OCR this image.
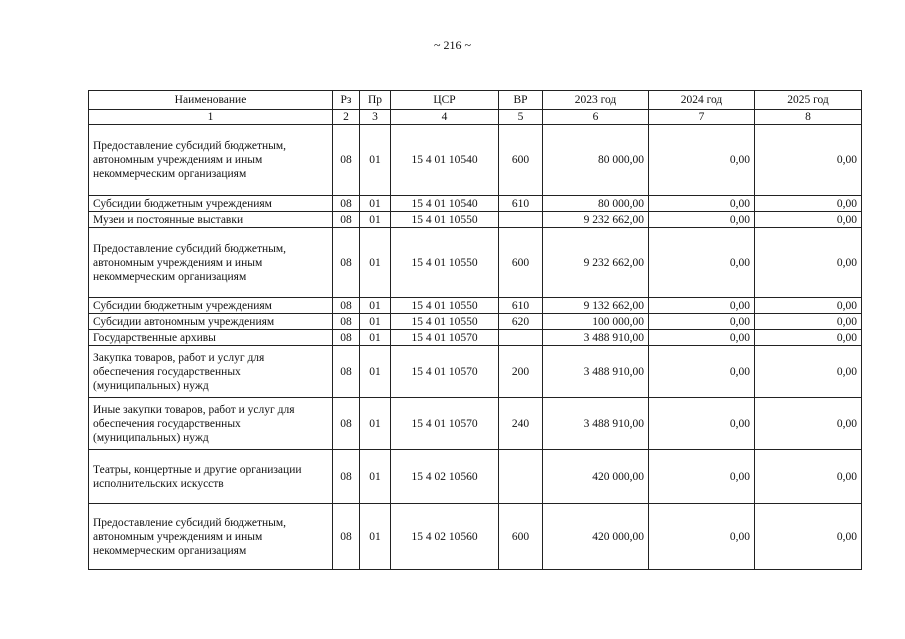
~ 216 ~
Наименование	Рз	Пр	ЦСР	ВР	2023 год	2024 год	2025 год
1	2	3	4	5	6	7	8
Предоставление субсидий бюджетным, автономным учреждениям и иным некоммерческим организациям	08	01	15 4 01 10540	600	80 000,00	0,00	0,00
Субсидии бюджетным учреждениям	08	01	15 4 01 10540	610	80 000,00	0,00	0,00
Музеи и постоянные выставки	08	01	15 4 01 10550		9 232 662,00	0,00	0,00
Предоставление субсидий бюджетным, автономным учреждениям и иным некоммерческим организациям	08	01	15 4 01 10550	600	9 232 662,00	0,00	0,00
Субсидии бюджетным учреждениям	08	01	15 4 01 10550	610	9 132 662,00	0,00	0,00
Субсидии автономным учреждениям	08	01	15 4 01 10550	620	100 000,00	0,00	0,00
Государственные архивы	08	01	15 4 01 10570		3 488 910,00	0,00	0,00
Закупка товаров, работ и услуг для обеспечения государственных (муниципальных) нужд	08	01	15 4 01 10570	200	3 488 910,00	0,00	0,00
Иные закупки товаров, работ и услуг для обеспечения государственных (муниципальных) нужд	08	01	15 4 01 10570	240	3 488 910,00	0,00	0,00
Театры, концертные и другие организации исполнительских искусств	08	01	15 4 02 10560		420 000,00	0,00	0,00
Предоставление субсидий бюджетным, автономным учреждениям и иным некоммерческим организациям	08	01	15 4 02 10560	600	420 000,00	0,00	0,00
